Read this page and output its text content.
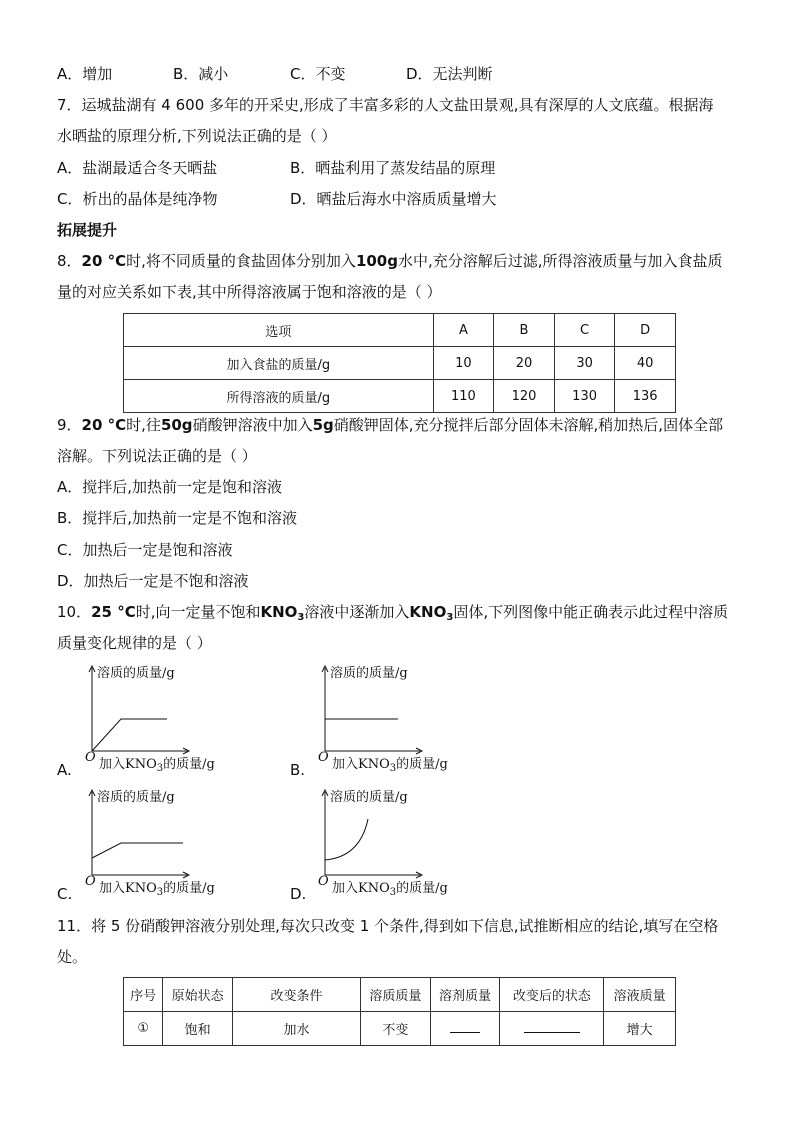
A．增加	B．减小	C．不变	D．无法判断
7．运城盐湖有 4 600 多年的开采史,形成了丰富多彩的人文盐田景观,具有深厚的人文底蕴。根据海
水晒盐的原理分析,下列说法正确的是（ ）
A．盐湖最适合冬天晒盐	B．晒盐利用了蒸发结晶的原理
C．析出的晶体是纯净物	D．晒盐后海水中溶质质量增大
拓展提升
8．20 °C时,将不同质量的食盐固体分别加入100g水中,充分溶解后过滤,所得溶液质量与加入食盐质
量的对应关系如下表,其中所得溶液属于饱和溶液的是（ ）
选项	A	B	C	D
加入食盐的质量/g	10	20	30	40
所得溶液的质量/g	110	120	130	136
9．20 °C时,往50g硝酸钾溶液中加入5g硝酸钾固体,充分搅拌后部分固体未溶解,稍加热后,固体全部
溶解。下列说法正确的是（ ）
A．搅拌后,加热前一定是饱和溶液
B．搅拌后,加热前一定是不饱和溶液
C．加热后一定是饱和溶液
D．加热后一定是不饱和溶液
10．25 °C时,向一定量不饱和$KNO_3$溶液中逐渐加入$KNO_3$固体,下列图像中能正确表示此过程中溶质
质量变化规律的是（ ）
A.
溶质的质量/g
O 加入$KNO_3$的质量/g	B.
溶质的质量/g
O 加入$KNO_3$的质量/g
C.
溶质的质量/g
O 加入$KNO_3$的质量/g	D.
溶质的质量/g
O 加入$KNO_3$的质量/g
11．将 5 份硝酸钾溶液分别处理,每次只改变 1 个条件,得到如下信息,试推断相应的结论,填写在空格
处。
序号	原始状态	改变条件	溶质质量	溶剂质量	改变后的状态	溶液质量
①	饱和	加水	不变			增大
